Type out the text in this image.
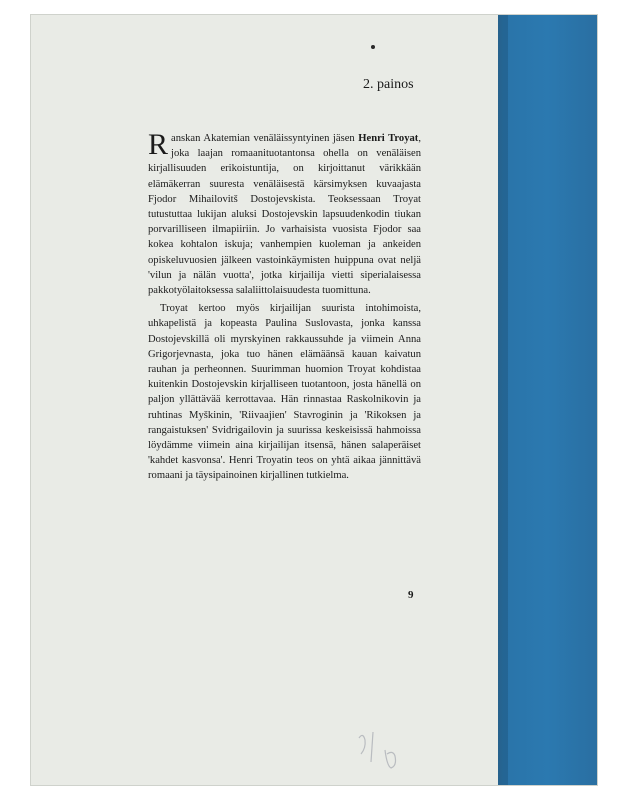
2. painos

Ranskan Akatemian venäläissyntyinen jäsen Henri Troyat, joka laajan romaanituotantonsa ohella on venäläisen kirjallisuuden erikoistuntija, on kirjoittanut värikkään elämäkerran suuresta venäläisestä kärsimyksen kuvaajasta Fjodor Mihailovitš Dostojevskista. Teoksessaan Troyat tutustuttaa lukijan aluksi Dostojevskin lapsuudenkodin tiukan porvarilliseen ilmapiiriin. Jo varhaisista vuosista Fjodor saa kokea kohtalon iskuja; vanhempien kuoleman ja ankeiden opiskeluvuosien jälkeen vastoinkäymisten huippuna ovat neljä 'vilun ja nälän vuotta', jotka kirjailija vietti siperialaisessa pakkotyölaitoksessa salaliittolaisuudesta tuomittuna.

Troyat kertoo myös kirjailijan suurista intohimoista, uhkapelistä ja kopeasta Paulina Suslovasta, jonka kanssa Dostojevskillä oli myrskyinen rakkaussuhde ja viimein Anna Grigorjevnasta, joka tuo hänen elämäänsä kauan kaivatun rauhan ja perheonnen. Suurimman huomion Troyat kohdistaa kuitenkin Dostojevskin kirjalliseen tuotantoon, josta hänellä on paljon yllättävää kerrottavaa. Hän rinnastaa Raskolnikovin ja ruhtinas Myškinin, 'Riivaajien' Stavroginin ja 'Rikoksen ja rangaistuksen' Svidrigailovin ja suurissa keskeisissä hahmoissa löydämme viimein aina kirjailijan itsensä, hänen salaperäiset 'kahdet kasvonsa'. Henri Troyatin teos on yhtä aikaa jännittävä romaani ja täysipainoinen kirjallinen tutkielma.

9
